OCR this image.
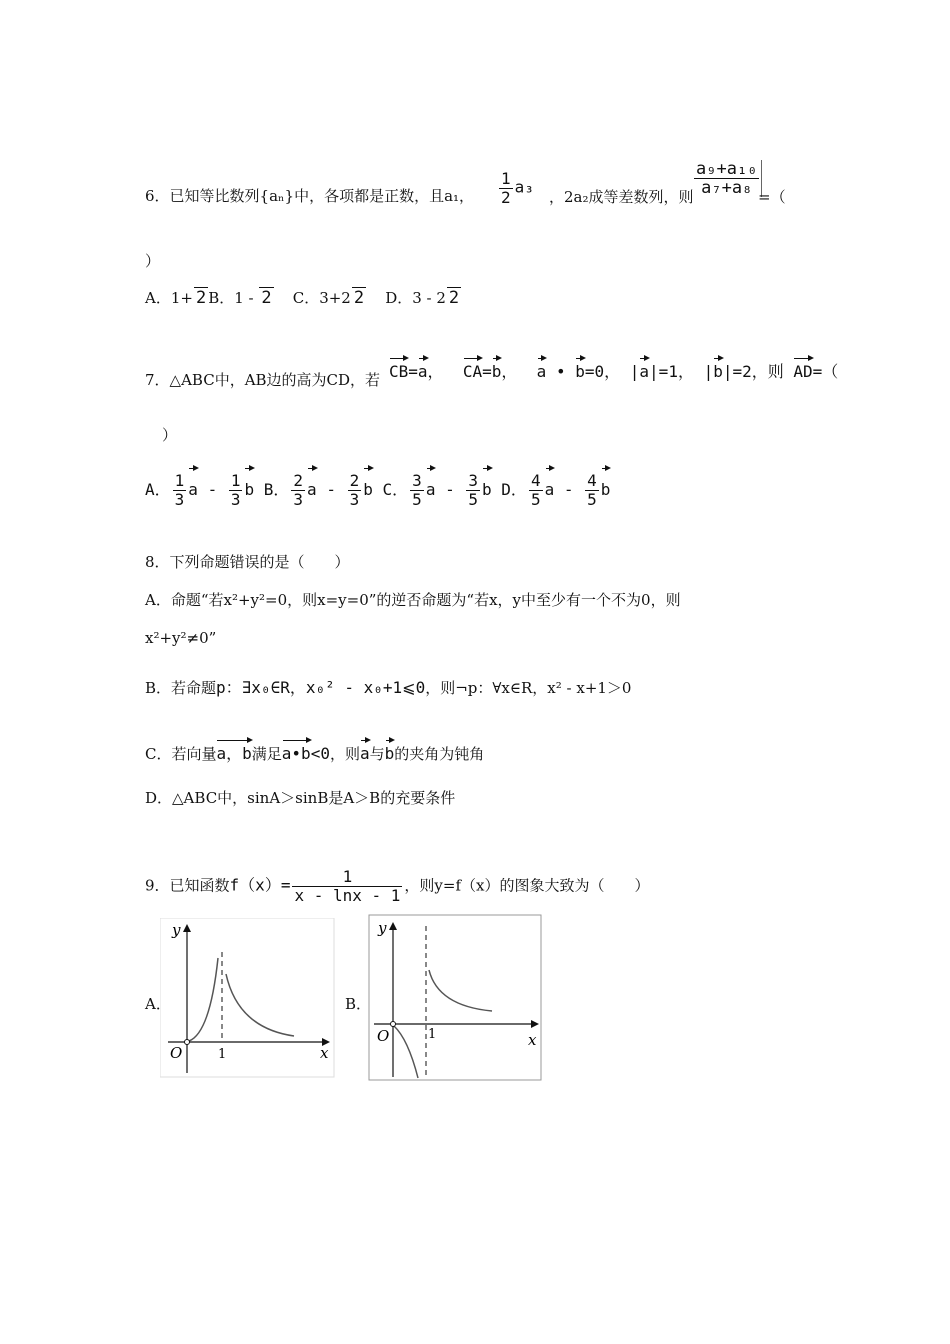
6．已知等比数列{aₙ}中，各项都是正数，且a₁， $\frac{1}{2} a_3$
，2a₂成等差数列，则 $\frac{\text{a₉+a₁₀}}{\text{a₇+a₈}}$
=（
）
A．1+ 2 B．1 - 2 C．3+2 2 D．3 - 2 2
7．△ABC中，AB边的高为CD，若 CB=a， CA=b， a • b=0， |a|=1， |b|=2，则 AD=（
）
A． $\frac{1}{3}$ a - $\frac{1}{3}$ b B． $\frac{2}{3}$ a - $\frac{2}{3}$ b C． $\frac{3}{5}$ a - $\frac{3}{5}$ b D． $\frac{4}{5}$ a - $\frac{4}{5}$ b
8．下列命题错误的是（　　）
A．命题“若x²+y²=0，则x=y=0”的逆否命题为“若x，y中至少有一个不为0，则
x²+y²≠0”
B．若命题p：∃x₀∈R，x₀² - x₀+1⩽0，则¬p：∀x∈R，x² - x+1＞0
C．若向量a，b满足a•b<0，则a与b的夹角为钝角
D．△ABC中，sinA＞sinB是A＞B的充要条件
9．已知函数$f(x)= \frac{1}{x - \ln x - 1}$ ，则y=f（x）的图象大致为（　　）
A．	B．
y
x
O	1
y
x
O	1
